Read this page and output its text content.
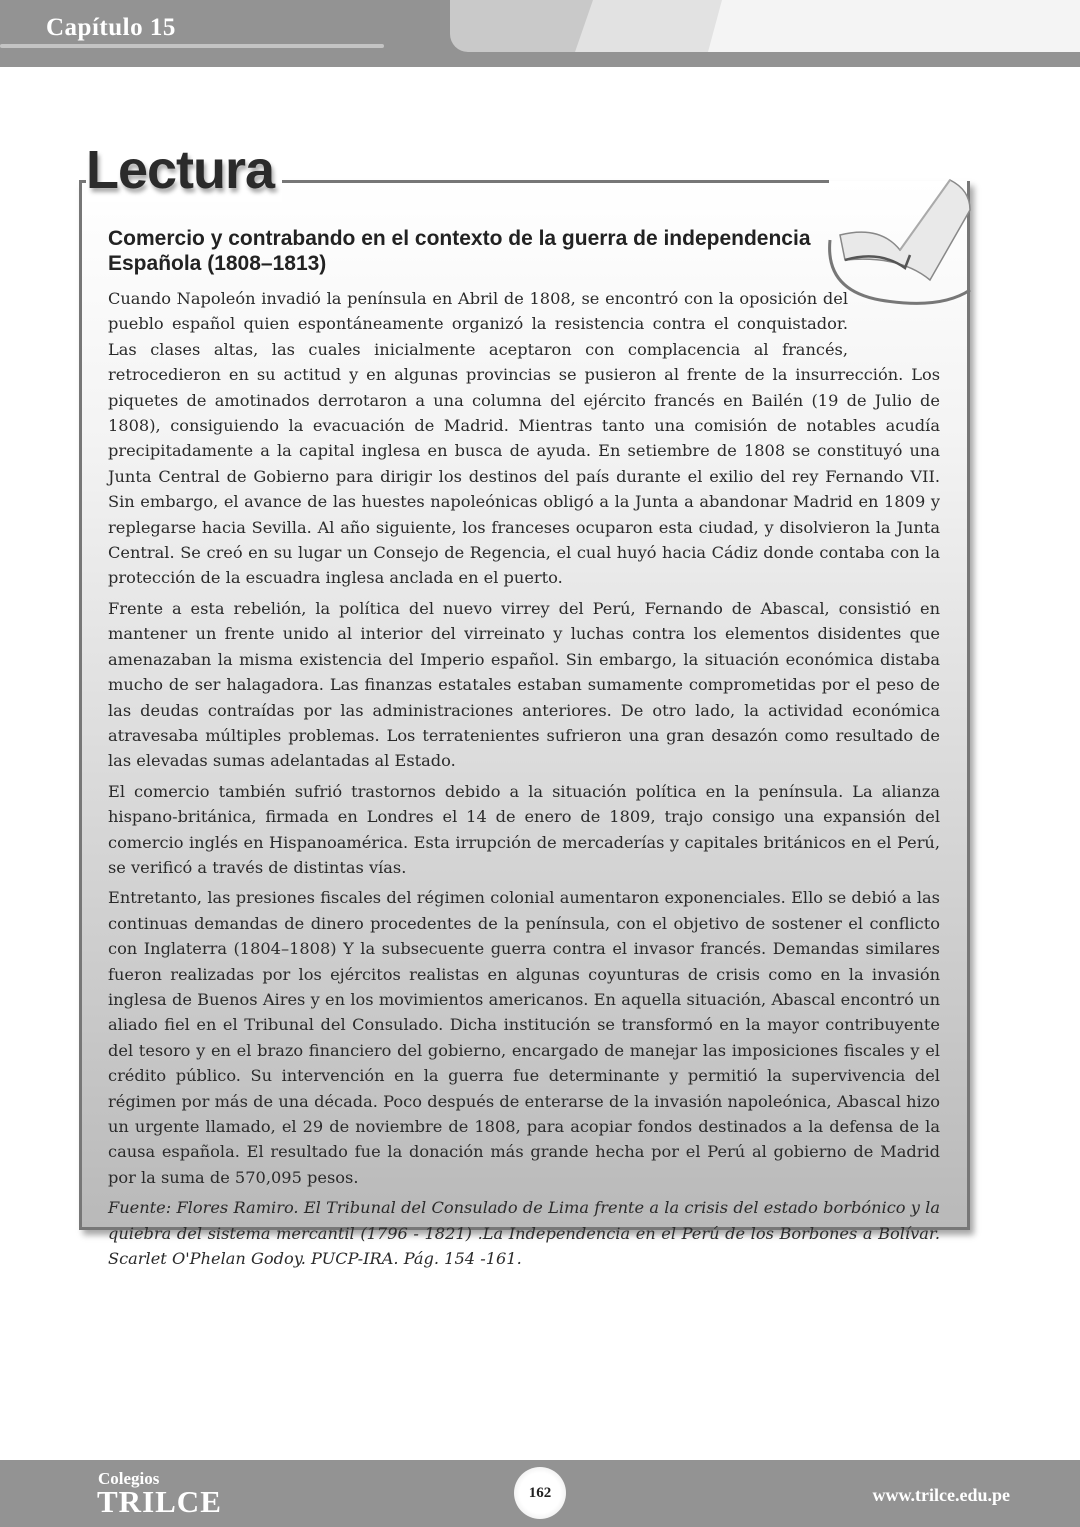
Capítulo 15
Lectura
Comercio y contrabando en el contexto de la guerra de independencia Española (1808–1813)

Cuando Napoleón invadió la península en Abril de 1808, se encontró con la oposición del pueblo español quien espontáneamente organizó la resistencia contra el conquistador. Las clases altas, las cuales inicialmente aceptaron con complacencia al francés, retrocedieron en su actitud y en algunas provincias se pusieron al frente de la insurrección. Los piquetes de amotinados derrotaron a una columna del ejército francés en Bailén (19 de Julio de 1808), consiguiendo la evacuación de Madrid. Mientras tanto una comisión de notables acudía precipitadamente a la capital inglesa en busca de ayuda. En setiembre de 1808 se constituyó una Junta Central de Gobierno para dirigir los destinos del país durante el exilio del rey Fernando VII. Sin embargo, el avance de las huestes napoleónicas obligó a la Junta a abandonar Madrid en 1809 y replegarse hacia Sevilla. Al año siguiente, los franceses ocuparon esta ciudad, y disolvieron la Junta Central. Se creó en su lugar un Consejo de Regencia, el cual huyó hacia Cádiz donde contaba con la protección de la escuadra inglesa anclada en el puerto.

Frente a esta rebelión, la política del nuevo virrey del Perú, Fernando de Abascal, consistió en mantener un frente unido al interior del virreinato y luchas contra los elementos disidentes que amenazaban la misma existencia del Imperio español. Sin embargo, la situación económica distaba mucho de ser halagadora. Las finanzas estatales estaban sumamente comprometidas por el peso de las deudas contraídas por las administraciones anteriores. De otro lado, la actividad económica atravesaba múltiples problemas. Los terratenientes sufrieron una gran desazón como resultado de las elevadas sumas adelantadas al Estado.

El comercio también sufrió trastornos debido a la situación política en la península. La alianza hispano-británica, firmada en Londres el 14 de enero de 1809, trajo consigo una expansión del comercio inglés en Hispanoamérica. Esta irrupción de mercaderías y capitales británicos en el Perú, se verificó a través de distintas vías.

Entretanto, las presiones fiscales del régimen colonial aumentaron exponenciales. Ello se debió a las continuas demandas de dinero procedentes de la península, con el objetivo de sostener el conflicto con Inglaterra (1804–1808) Y la subsecuente guerra contra el invasor francés. Demandas similares fueron realizadas por los ejércitos realistas en algunas coyunturas de crisis como en la invasión inglesa de Buenos Aires y en los movimientos americanos. En aquella situación, Abascal encontró un aliado fiel en el Tribunal del Consulado. Dicha institución se transformó en la mayor contribuyente del tesoro y en el brazo financiero del gobierno, encargado de manejar las imposiciones fiscales y el crédito público. Su intervención en la guerra fue determinante y permitió la supervivencia del régimen por más de una década. Poco después de enterarse de la invasión napoleónica, Abascal hizo un urgente llamado, el 29 de noviembre de 1808, para acopiar fondos destinados a la defensa de la causa española. El resultado fue la donación más grande hecha por el Perú al gobierno de Madrid por la suma de 570,095 pesos.

Fuente: Flores Ramiro. El Tribunal del Consulado de Lima frente a la crisis del estado borbónico y la quiebra del sistema mercantil (1796 - 1821) .La Independencia en el Perú de los Borbones a Bolívar. Scarlet O'Phelan Godoy. PUCP-IRA. Pág. 154 -161.

Colegios
TRILCE	162	www.trilce.edu.pe
